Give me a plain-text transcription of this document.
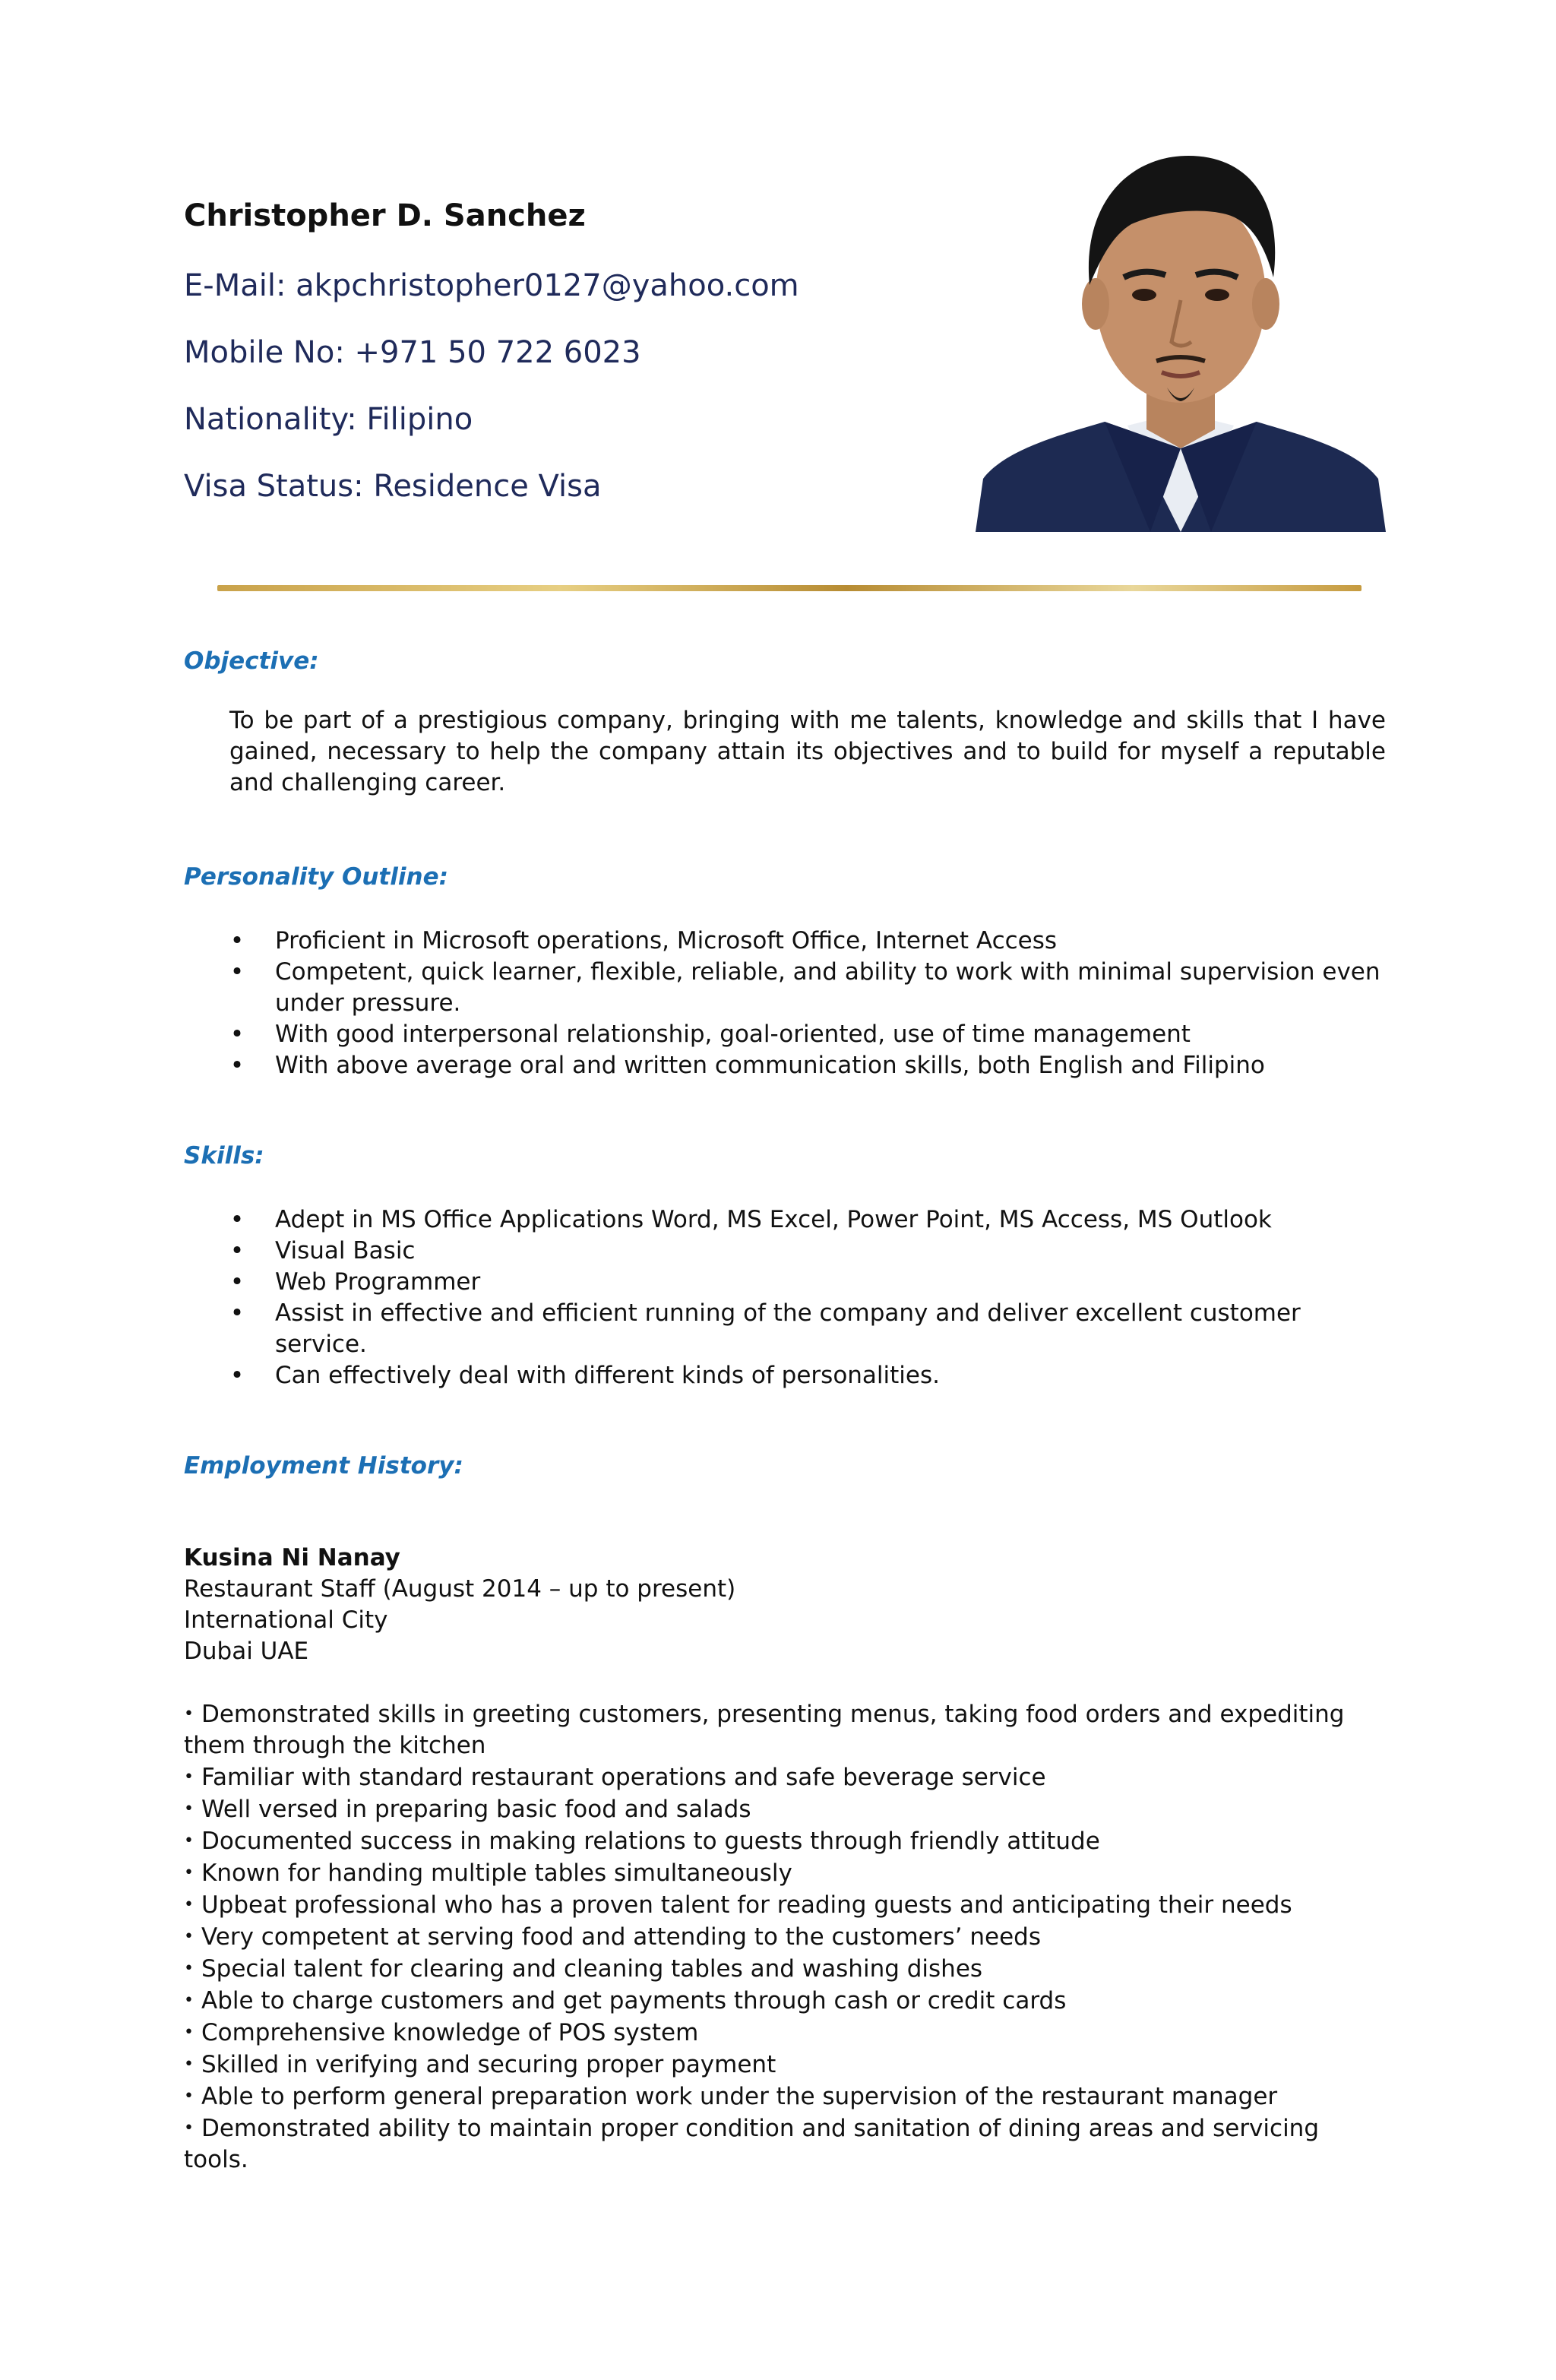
Christopher D. Sanchez
E-Mail: akpchristopher0127@yahoo.com
Mobile No: +971 50 722 6023
Nationality: Filipino
Visa Status: Residence Visa
Objective:
To be part of a prestigious company, bringing with me talents, knowledge and skills that I have gained, necessary to help the company attain its objectives and to build for myself a reputable and challenging career.
Personality Outline:
• Proficient in Microsoft operations, Microsoft Office, Internet Access
• Competent, quick learner, flexible, reliable, and ability to work with minimal supervision even under pressure.
• With good interpersonal relationship, goal-oriented, use of time management
• With above average oral and written communication skills, both English and Filipino
Skills:
• Adept in MS Office Applications Word, MS Excel, Power Point, MS Access, MS Outlook
• Visual Basic
• Web Programmer
• Assist in effective and efficient running of the company and deliver excellent customer service.
• Can effectively deal with different kinds of personalities.
Employment History:
Kusina Ni Nanay
Restaurant Staff (August 2014 – up to present)
International City
Dubai UAE
• Demonstrated skills in greeting customers, presenting menus, taking food orders and expediting them through the kitchen
• Familiar with standard restaurant operations and safe beverage service
• Well versed in preparing basic food and salads
• Documented success in making relations to guests through friendly attitude
• Known for handing multiple tables simultaneously
• Upbeat professional who has a proven talent for reading guests and anticipating their needs
• Very competent at serving food and attending to the customers’ needs
• Special talent for clearing and cleaning tables and washing dishes
• Able to charge customers and get payments through cash or credit cards
• Comprehensive knowledge of POS system
• Skilled in verifying and securing proper payment
• Able to perform general preparation work under the supervision of the restaurant manager
• Demonstrated ability to maintain proper condition and sanitation of dining areas and servicing tools.
